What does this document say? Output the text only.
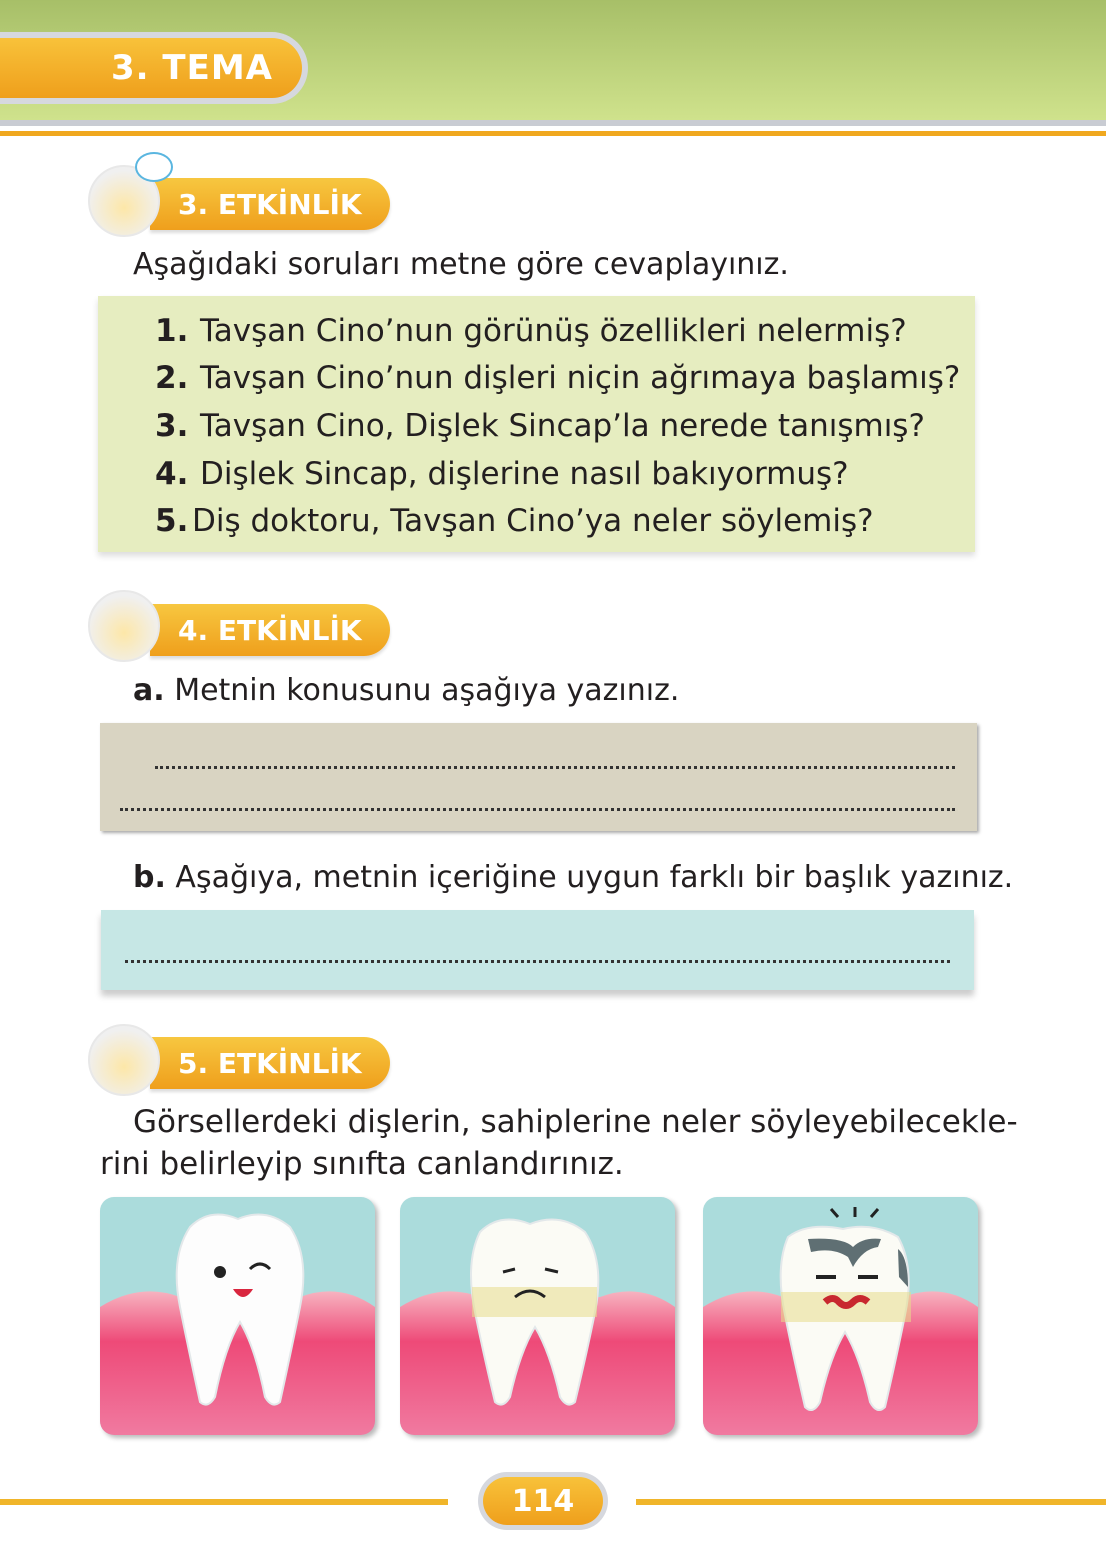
3. TEMA
3. ETKİNLİK
Aşağıdaki soruları metne göre cevaplayınız.
1. Tavşan Cino’nun görünüş özellikleri nelermiş?
2. Tavşan Cino’nun dişleri niçin ağrımaya başlamış?
3. Tavşan Cino, Dişlek Sincap’la nerede tanışmış?
4. Dişlek Sincap, dişlerine nasıl bakıyormuş?
5. Diş doktoru, Tavşan Cino’ya neler söylemiş?
4. ETKİNLİK
a. Metnin konusunu aşağıya yazınız.
b. Aşağıya, metnin içeriğine uygun farklı bir başlık yazınız.
5. ETKİNLİK
Görsellerdeki dişlerin, sahiplerine neler söyleyebilecekle-
rini belirleyip sınıfta canlandırınız.
114
